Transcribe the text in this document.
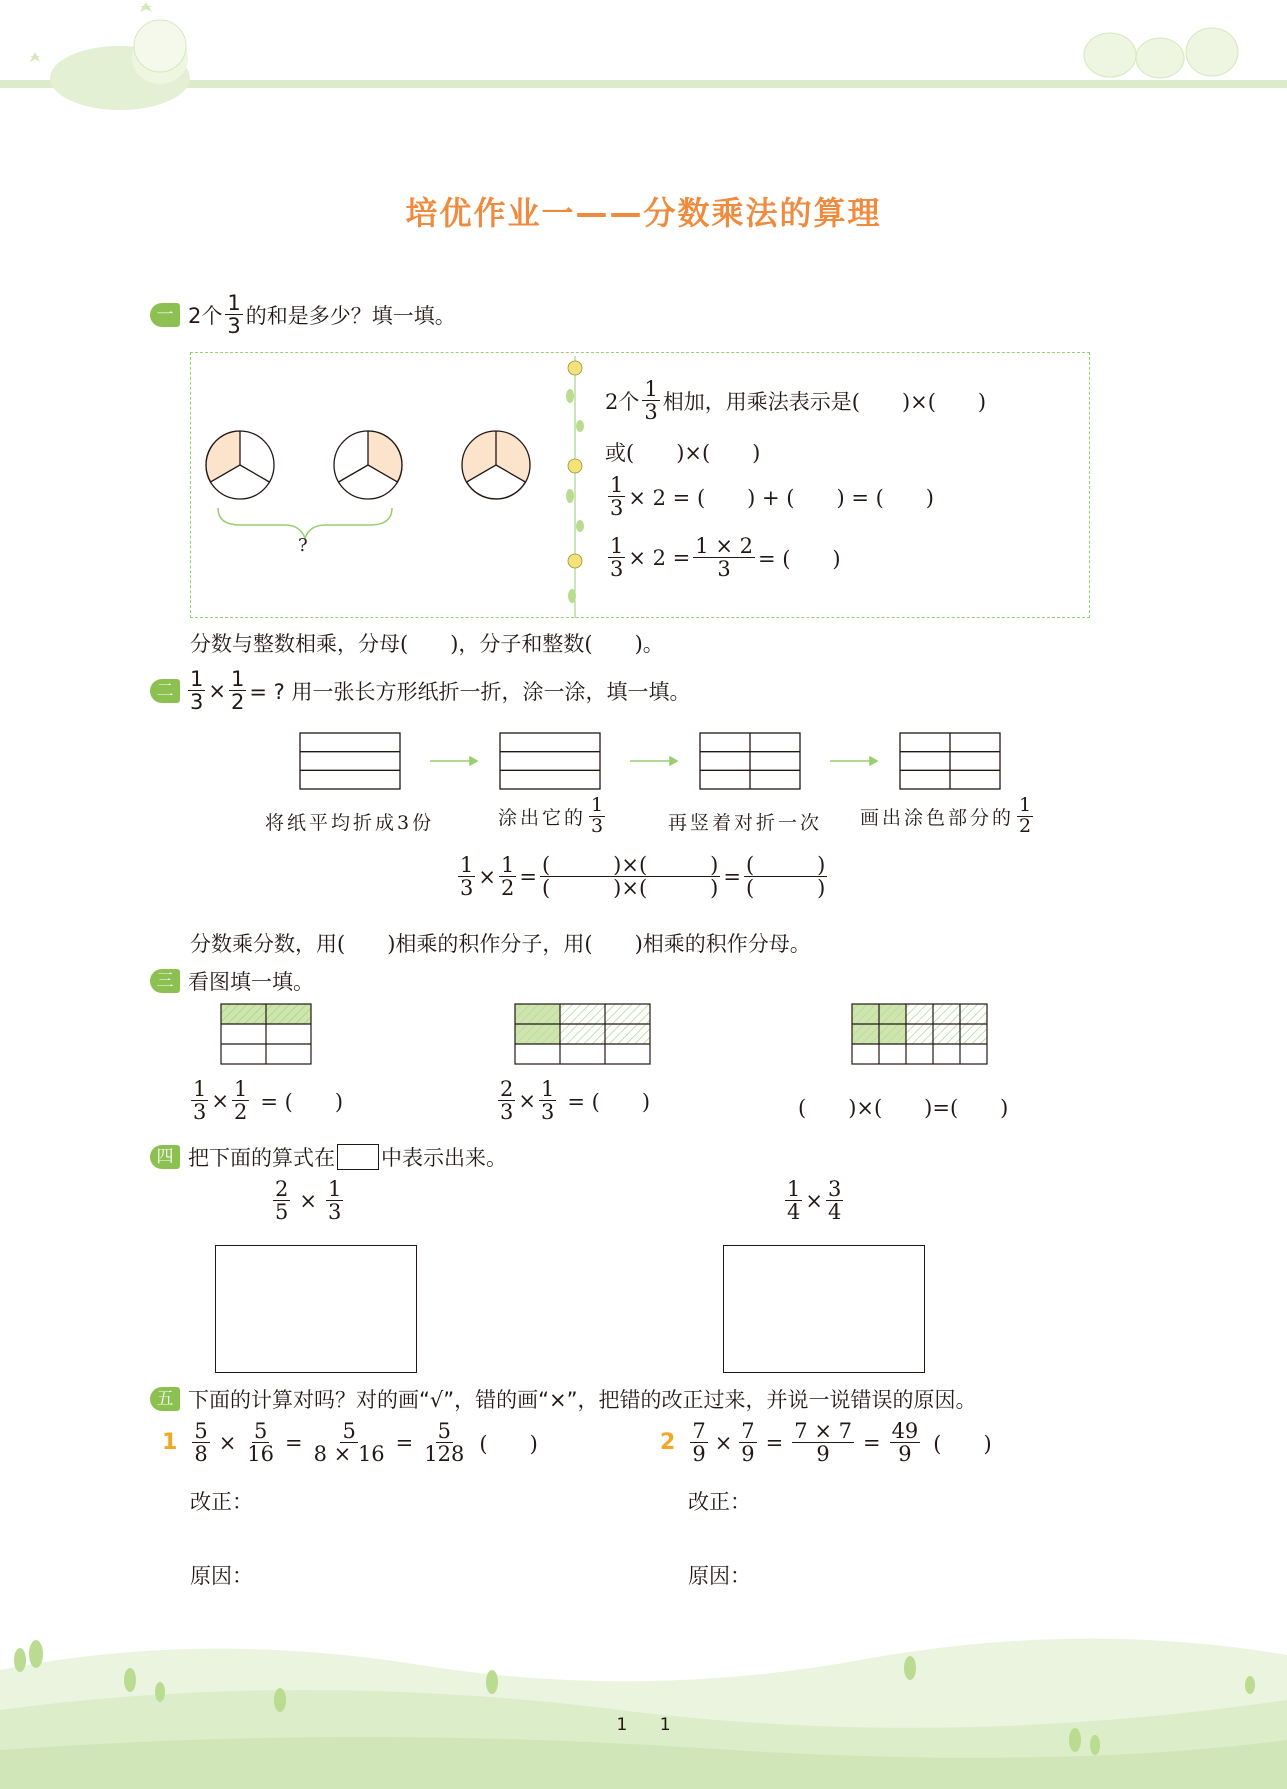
培优作业一——分数乘法的算理
一 2个 $\frac{1}{3}$ 的和是多少？填一填。
?
2个 $\frac{1}{3}$ 相加，用乘法表示是(　　)×(　　)
或(　　)×(　　)
$\frac{1}{3} \times 2$ = (　　) + (　　) = (　　)
$\frac{1}{3} \times 2 = \frac{1 \times 2}{3}$ = (　　)
分数与整数相乘，分母(　　)，分子和整数(　　)。
二 $\frac{1}{3} \times \frac{1}{2}$ = ? 用一张长方形纸折一折，涂一涂，填一填。
将纸平均折成3份	涂出它的 $\frac{1}{3}$	再竖着对折一次 画出涂色部分的 $\frac{1}{2}$
$\frac{1}{3} \times \frac{1}{2} = \frac{( )\times( )}{( )\times( )} = \frac{( )}{( )}$
分数乘分数，用(　　)相乘的积作分子，用(　　)相乘的积作分母。
三 看图填一填。
$\frac{1}{3} \times \frac{1}{2}$ = (　　)	$\frac{2}{3} \times \frac{1}{3}$ = (　　)	(　　)×(　　)=(　　)
四 把下面的算式在 中表示出来。
$\frac{2}{5} \times \frac{1}{3}$	$\frac{1}{4} \times \frac{3}{4}$
五 下面的计算对吗？对的画“√”，错的画“×”，把错的改正过来，并说一说错误的原因。
$1 \frac{5}{8} \times \frac{5}{16} = \frac{5}{8 \times 16} = \frac{5}{128}$ (　　)	$2 \frac{7}{9} \times \frac{7}{9} = \frac{7 \times 7}{9} = \frac{49}{9}$ (　　)
改正：	改正：
原因：	原因：
1      1
